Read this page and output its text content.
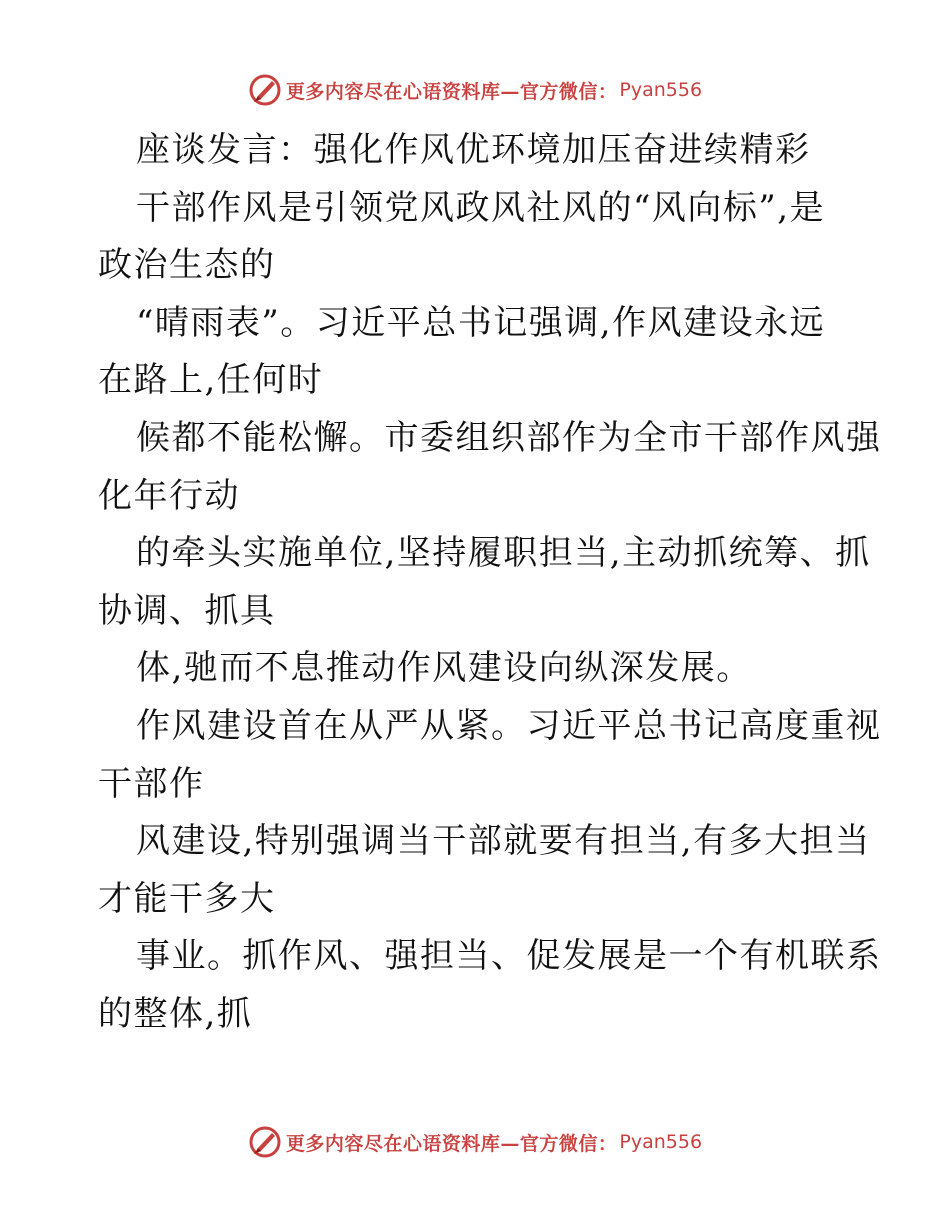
更多内容尽在心语资料库—官方微信： Pyan556
座谈发言：强化作风优环境加压奋进续精彩
干部作风是引领党风政风社风的“风向标”,是
政治生态的
“晴雨表”。习近平总书记强调,作风建设永远
在路上,任何时
候都不能松懈。市委组织部作为全市干部作风强
化年行动
的牵头实施单位,坚持履职担当,主动抓统筹、抓
协调、抓具
体,驰而不息推动作风建设向纵深发展。
作风建设首在从严从紧。习近平总书记高度重视
干部作
风建设,特别强调当干部就要有担当,有多大担当
才能干多大
事业。抓作风、强担当、促发展是一个有机联系
的整体,抓
更多内容尽在心语资料库—官方微信： Pyan556
